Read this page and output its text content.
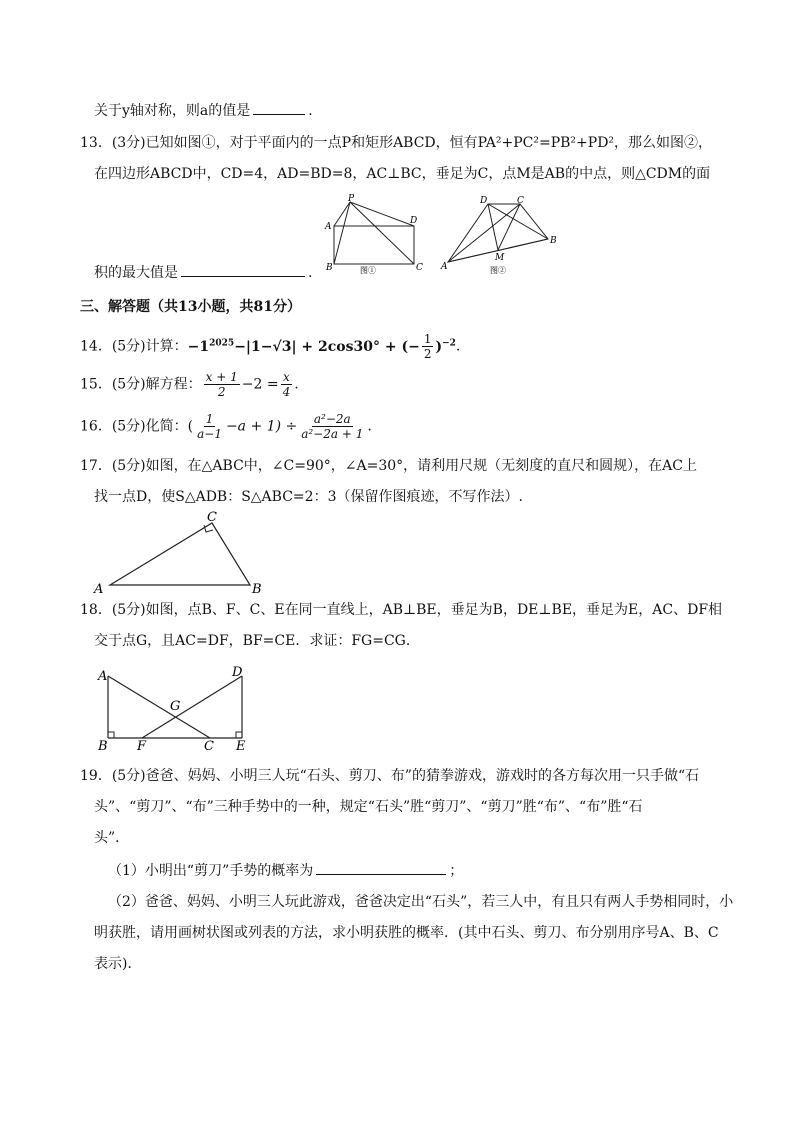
关于y轴对称，则a的值是	.
13．(3分)已知如图①，对于平面内的一点P和矩形ABCD，恒有PA²+PC²=PB²+PD²，那么如图②，
在四边形ABCD中，CD=4，AD=BD=8，AC⊥BC，垂足为C，点M是AB的中点，则△CDM的面
P
A
B	C
D
图①
D	C
A
B
M
图②
积的最大值是	.
三、解答题（共13小题，共81分）
14．(5分)计算：$-1^{2025}-|1-√3| + 2\cos 30^\circ$ + (− $\frac{1}{2} )^{-2}$.
15．(5分)解方程： $\frac{x + 1}{2} -2 = \frac{x}{4}$ .
16．(5分)化简：( $\frac{1}{a-1} -a + 1) \div \frac{\text{a²−2a}}{\text{a²−2a + 1}}$ .
17．(5分)如图，在△ABC中，∠C=90°，∠A=30°，请利用尺规（无刻度的直尺和圆规），在AC上
找一点D，使S△ADB：S△ABC=2：3（保留作图痕迹，不写作法）.
C
A	B
18．(5分)如图，点B、F、C、E在同一直线上，AB⊥BE，垂足为B，DE⊥BE，垂足为E，AC、DF相
交于点G，且AC=DF，BF=CE．求证：FG=CG．
A	D
G
B F	C E
19．(5分)爸爸、妈妈、小明三人玩“石头、剪刀、布”的猜拳游戏，游戏时的各方每次用一只手做“石
头”、“剪刀”、“布”三种手势中的一种，规定“石头”胜“剪刀”、“剪刀”胜“布”、“布”胜“石
头”．
（1）小明出“剪刀”手势的概率为	；
（2）爸爸、妈妈、小明三人玩此游戏，爸爸决定出“石头”，若三人中，有且只有两人手势相同时，小
明获胜，请用画树状图或列表的方法，求小明获胜的概率．(其中石头、剪刀、布分别用序号A、B、C
表示)．
